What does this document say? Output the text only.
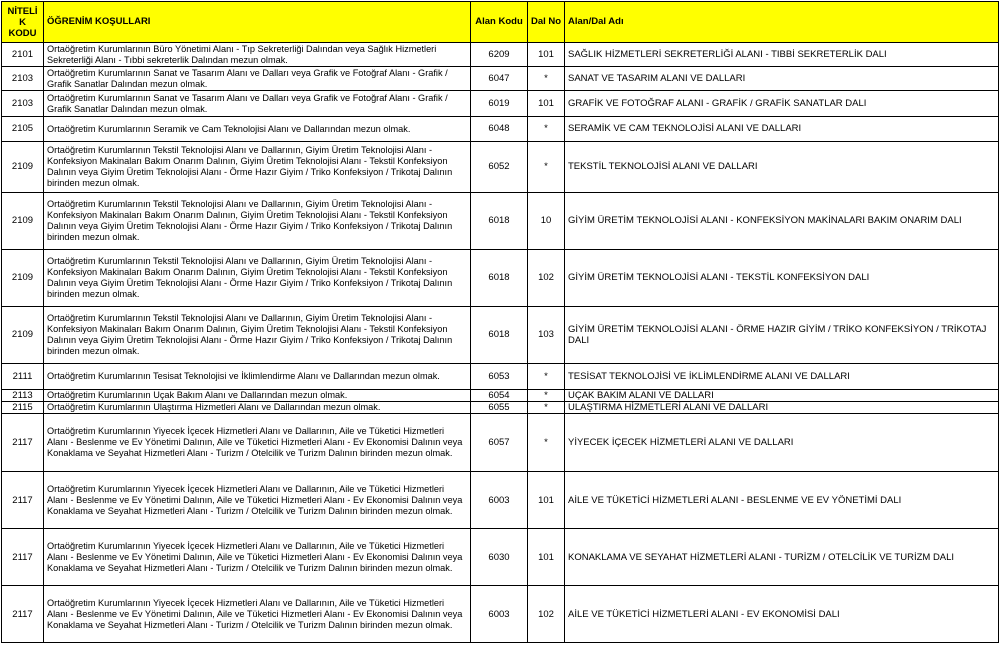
NİTELİ
K
KODU	ÖĞRENİM KOŞULLARI	Alan Kodu	Dal No	Alan/Dal Adı
2101	Ortaöğretim Kurumlarının Büro Yönetimi Alanı - Tıp Sekreterliği Dalından veya Sağlık Hizmetleri Sekreterliği Alanı - Tıbbi sekreterlik Dalından mezun olmak.	6209	101	SAĞLIK HİZMETLERİ SEKRETERLİĞİ ALANI - TIBBİ SEKRETERLİK DALI
2103	Ortaöğretim Kurumlarının Sanat ve Tasarım Alanı ve Dalları veya Grafik ve Fotoğraf Alanı - Grafik / Grafik Sanatlar Dalından mezun olmak.	6047	*	SANAT VE TASARIM ALANI VE DALLARI
2103	Ortaöğretim Kurumlarının Sanat ve Tasarım Alanı ve Dalları veya Grafik ve Fotoğraf Alanı - Grafik / Grafik Sanatlar Dalından mezun olmak.	6019	101	GRAFİK VE FOTOĞRAF ALANI - GRAFİK / GRAFİK SANATLAR DALI
2105	Ortaöğretim Kurumlarının Seramik ve Cam Teknolojisi Alanı ve Dallarından mezun olmak.	6048	*	SERAMİK VE CAM TEKNOLOJİSİ ALANI VE DALLARI
2109	Ortaöğretim Kurumlarının Tekstil Teknolojisi Alanı ve Dallarının, Giyim Üretim Teknolojisi Alanı - Konfeksiyon Makinaları Bakım Onarım Dalının, Giyim Üretim Teknolojisi Alanı - Tekstil Konfeksiyon Dalının veya Giyim Üretim Teknolojisi Alanı - Örme Hazır Giyim / Triko Konfeksiyon / Trikotaj Dalının birinden mezun olmak.	6052	*	TEKSTİL TEKNOLOJİSİ ALANI VE DALLARI
2109	Ortaöğretim Kurumlarının Tekstil Teknolojisi Alanı ve Dallarının, Giyim Üretim Teknolojisi Alanı - Konfeksiyon Makinaları Bakım Onarım Dalının, Giyim Üretim Teknolojisi Alanı - Tekstil Konfeksiyon Dalının veya Giyim Üretim Teknolojisi Alanı - Örme Hazır Giyim / Triko Konfeksiyon / Trikotaj Dalının birinden mezun olmak.	6018	10	GİYİM ÜRETİM TEKNOLOJİSİ ALANI - KONFEKSİYON MAKİNALARI BAKIM ONARIM DALI
2109	Ortaöğretim Kurumlarının Tekstil Teknolojisi Alanı ve Dallarının, Giyim Üretim Teknolojisi Alanı - Konfeksiyon Makinaları Bakım Onarım Dalının, Giyim Üretim Teknolojisi Alanı - Tekstil Konfeksiyon Dalının veya Giyim Üretim Teknolojisi Alanı - Örme Hazır Giyim / Triko Konfeksiyon / Trikotaj Dalının birinden mezun olmak.	6018	102	GİYİM ÜRETİM TEKNOLOJİSİ ALANI - TEKSTİL KONFEKSİYON DALI
2109	Ortaöğretim Kurumlarının Tekstil Teknolojisi Alanı ve Dallarının, Giyim Üretim Teknolojisi Alanı - Konfeksiyon Makinaları Bakım Onarım Dalının, Giyim Üretim Teknolojisi Alanı - Tekstil Konfeksiyon Dalının veya Giyim Üretim Teknolojisi Alanı - Örme Hazır Giyim / Triko Konfeksiyon / Trikotaj Dalının birinden mezun olmak.	6018	103	GİYİM ÜRETİM TEKNOLOJİSİ ALANI - ÖRME HAZIR GİYİM / TRİKO KONFEKSİYON / TRİKOTAJ DALI
2111	Ortaöğretim Kurumlarının Tesisat Teknolojisi ve İklimlendirme Alanı ve Dallarından mezun olmak.	6053	*	TESİSAT TEKNOLOJİSİ VE İKLİMLENDİRME ALANI VE DALLARI
2113	Ortaöğretim Kurumlarının Uçak Bakım Alanı ve Dallarından mezun olmak.	6054	*	UÇAK BAKIM ALANI VE DALLARI
2115	Ortaöğretim Kurumlarının Ulaştırma Hizmetleri Alanı ve Dallarından mezun olmak.	6055	*	ULAŞTIRMA HİZMETLERİ ALANI VE DALLARI
2117	Ortaöğretim Kurumlarının Yiyecek İçecek Hizmetleri Alanı ve Dallarının, Aile ve Tüketici Hizmetleri Alanı - Beslenme ve Ev Yönetimi Dalının, Aile ve Tüketici Hizmetleri Alanı - Ev Ekonomisi Dalının veya Konaklama ve Seyahat Hizmetleri Alanı - Turizm / Otelcilik ve Turizm Dalının birinden mezun olmak.	6057	*	YİYECEK İÇECEK HİZMETLERİ ALANI VE DALLARI
2117	Ortaöğretim Kurumlarının Yiyecek İçecek Hizmetleri Alanı ve Dallarının, Aile ve Tüketici Hizmetleri Alanı - Beslenme ve Ev Yönetimi Dalının, Aile ve Tüketici Hizmetleri Alanı - Ev Ekonomisi Dalının veya Konaklama ve Seyahat Hizmetleri Alanı - Turizm / Otelcilik ve Turizm Dalının birinden mezun olmak.	6003	101	AİLE VE TÜKETİCİ HİZMETLERİ ALANI - BESLENME VE EV YÖNETİMİ DALI
2117	Ortaöğretim Kurumlarının Yiyecek İçecek Hizmetleri Alanı ve Dallarının, Aile ve Tüketici Hizmetleri Alanı - Beslenme ve Ev Yönetimi Dalının, Aile ve Tüketici Hizmetleri Alanı - Ev Ekonomisi Dalının veya Konaklama ve Seyahat Hizmetleri Alanı - Turizm / Otelcilik ve Turizm Dalının birinden mezun olmak.	6030	101	KONAKLAMA VE SEYAHAT HİZMETLERİ ALANI - TURİZM / OTELCİLİK VE TURİZM DALI
2117	Ortaöğretim Kurumlarının Yiyecek İçecek Hizmetleri Alanı ve Dallarının, Aile ve Tüketici Hizmetleri Alanı - Beslenme ve Ev Yönetimi Dalının, Aile ve Tüketici Hizmetleri Alanı - Ev Ekonomisi Dalının veya Konaklama ve Seyahat Hizmetleri Alanı - Turizm / Otelcilik ve Turizm Dalının birinden mezun olmak.	6003	102	AİLE VE TÜKETİCİ HİZMETLERİ ALANI - EV EKONOMİSİ DALI
